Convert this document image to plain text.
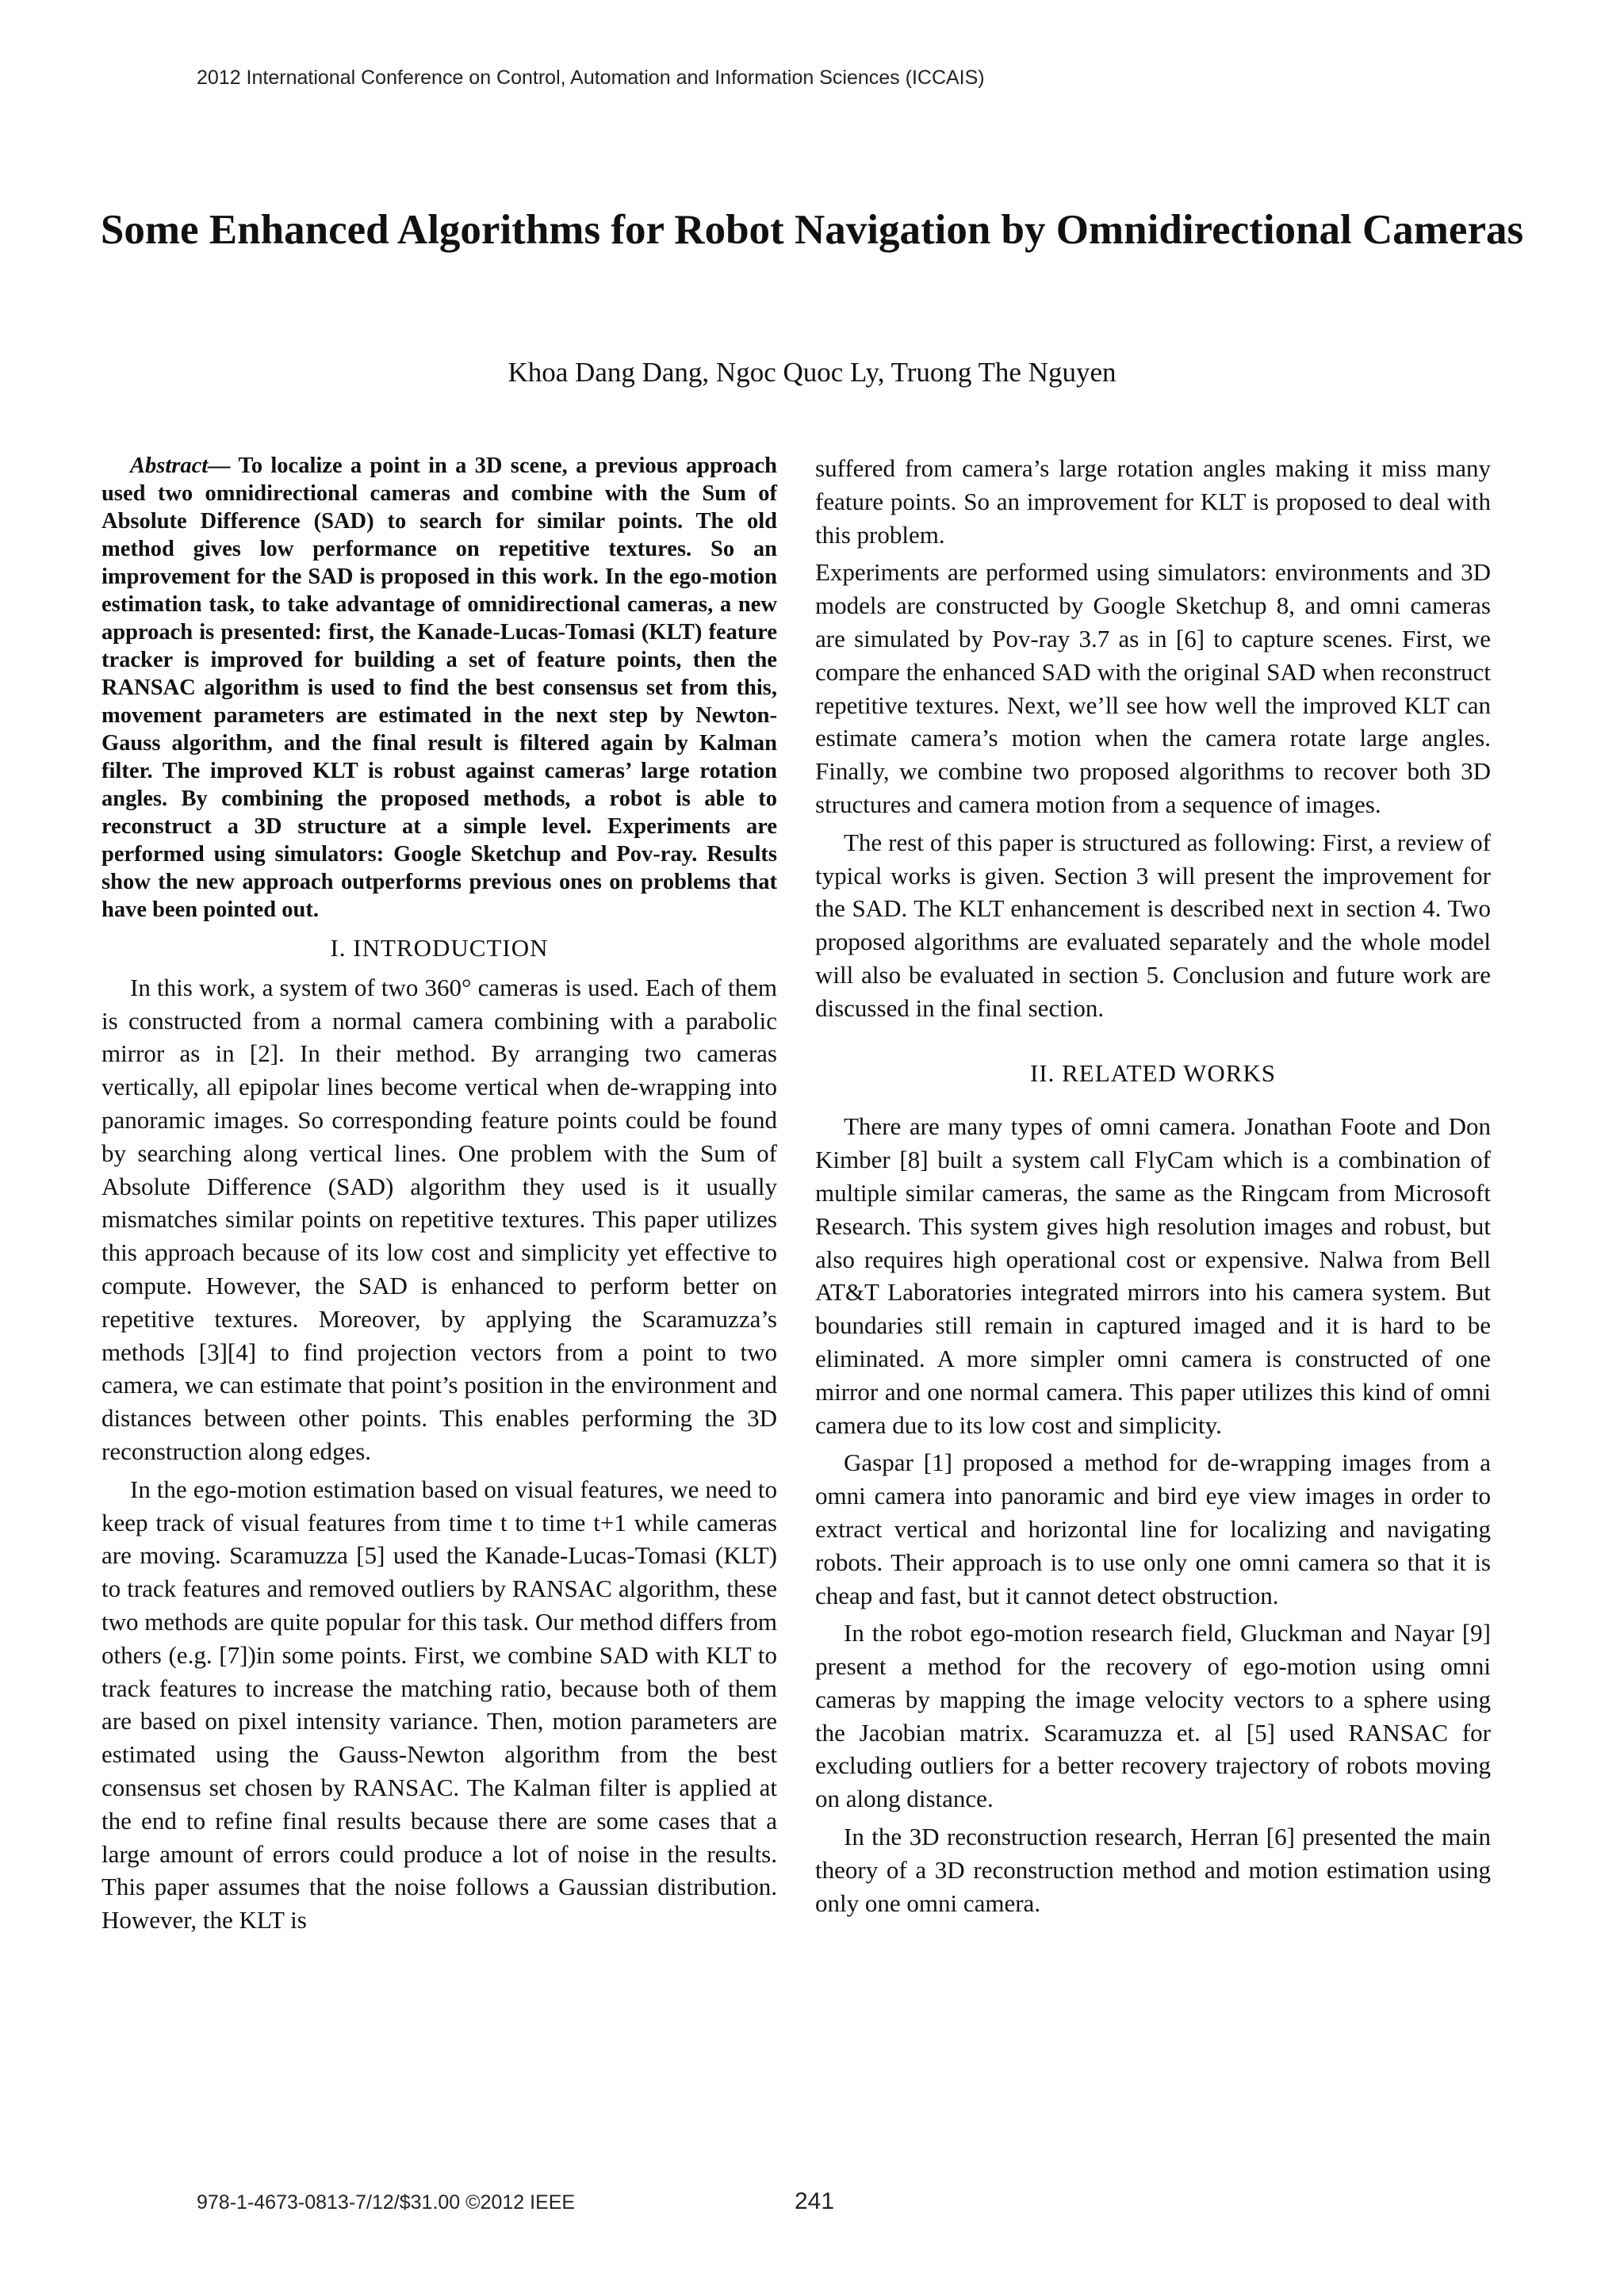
2012 International Conference on Control, Automation and Information Sciences (ICCAIS)
Some Enhanced Algorithms for Robot Navigation by Omnidirectional Cameras
Khoa Dang Dang, Ngoc Quoc Ly, Truong The Nguyen

Abstract— To localize a point in a 3D scene, a previous approach used two omnidirectional cameras and combine with the Sum of Absolute Difference (SAD) to search for similar points. The old method gives low performance on repetitive textures. So an improvement for the SAD is proposed in this work. In the ego-motion estimation task, to take advantage of omnidirectional cameras, a new approach is presented: first, the Kanade-Lucas-Tomasi (KLT) feature tracker is improved for building a set of feature points, then the RANSAC algorithm is used to find the best consensus set from this, movement parameters are estimated in the next step by Newton-Gauss algorithm, and the final result is filtered again by Kalman filter. The improved KLT is robust against cameras’ large rotation angles. By combining the proposed methods, a robot is able to reconstruct a 3D structure at a simple level. Experiments are performed using simulators: Google Sketchup and Pov-ray. Results show the new approach outperforms previous ones on problems that have been pointed out.

I. INTRODUCTION

In this work, a system of two 360° cameras is used. Each of them is constructed from a normal camera combining with a parabolic mirror as in [2]. In their method. By arranging two cameras vertically, all epipolar lines become vertical when de-wrapping into panoramic images. So corresponding feature points could be found by searching along vertical lines. One problem with the Sum of Absolute Difference (SAD) algorithm they used is it usually mismatches similar points on repetitive textures. This paper utilizes this approach because of its low cost and simplicity yet effective to compute. However, the SAD is enhanced to perform better on repetitive textures. Moreover, by applying the Scaramuzza’s methods [3][4] to find projection vectors from a point to two camera, we can estimate that point’s position in the environment and distances between other points. This enables performing the 3D reconstruction along edges.

In the ego-motion estimation based on visual features, we need to keep track of visual features from time t to time t+1 while cameras are moving. Scaramuzza [5] used the Kanade-Lucas-Tomasi (KLT) to track features and removed outliers by RANSAC algorithm, these two methods are quite popular for this task. Our method differs from others (e.g. [7])in some points. First, we combine SAD with KLT to track features to increase the matching ratio, because both of them are based on pixel intensity variance. Then, motion parameters are estimated using the Gauss-Newton algorithm from the best consensus set chosen by RANSAC. The Kalman filter is applied at the end to refine final results because there are some cases that a large amount of errors could produce a lot of noise in the results. This paper assumes that the noise follows a Gaussian distribution. However, the KLT is

suffered from camera’s large rotation angles making it miss many feature points. So an improvement for KLT is proposed to deal with this problem.

Experiments are performed using simulators: environments and 3D models are constructed by Google Sketchup 8, and omni cameras are simulated by Pov-ray 3.7 as in [6] to capture scenes. First, we compare the enhanced SAD with the original SAD when reconstruct repetitive textures. Next, we’ll see how well the improved KLT can estimate camera’s motion when the camera rotate large angles. Finally, we combine two proposed algorithms to recover both 3D structures and camera motion from a sequence of images.

The rest of this paper is structured as following: First, a review of typical works is given. Section 3 will present the improvement for the SAD. The KLT enhancement is described next in section 4. Two proposed algorithms are evaluated separately and the whole model will also be evaluated in section 5. Conclusion and future work are discussed in the final section.

II. RELATED WORKS

There are many types of omni camera. Jonathan Foote and Don Kimber [8] built a system call FlyCam which is a combination of multiple similar cameras, the same as the Ringcam from Microsoft Research. This system gives high resolution images and robust, but also requires high operational cost or expensive. Nalwa from Bell AT&T Laboratories integrated mirrors into his camera system. But boundaries still remain in captured imaged and it is hard to be eliminated. A more simpler omni camera is constructed of one mirror and one normal camera. This paper utilizes this kind of omni camera due to its low cost and simplicity.

Gaspar [1] proposed a method for de-wrapping images from a omni camera into panoramic and bird eye view images in order to extract vertical and horizontal line for localizing and navigating robots. Their approach is to use only one omni camera so that it is cheap and fast, but it cannot detect obstruction.

In the robot ego-motion research field, Gluckman and Nayar [9] present a method for the recovery of ego-motion using omni cameras by mapping the image velocity vectors to a sphere using the Jacobian matrix. Scaramuzza et. al [5] used RANSAC for excluding outliers for a better recovery trajectory of robots moving on along distance.

In the 3D reconstruction research, Herran [6] presented the main theory of a 3D reconstruction method and motion estimation using only one omni camera.

978-1-4673-0813-7/12/$31.00 ©2012 IEEE	241
